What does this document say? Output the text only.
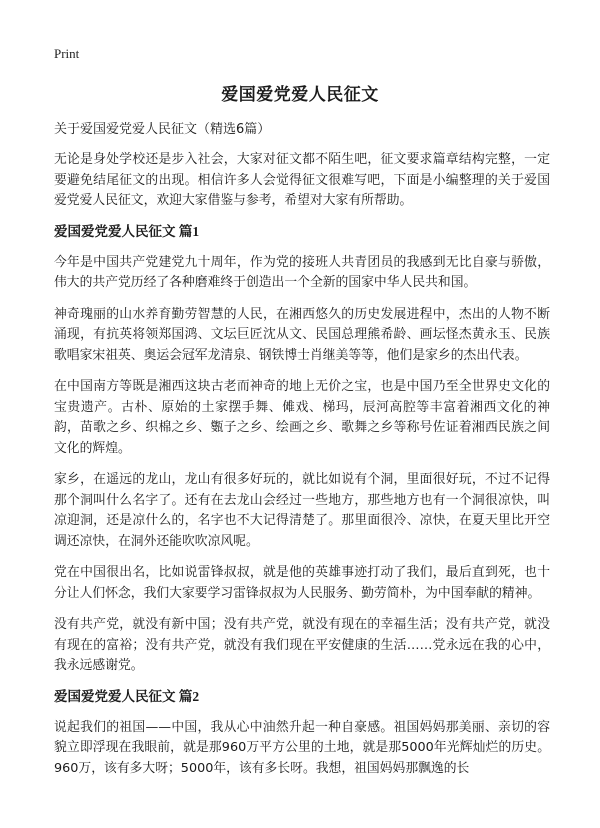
Print
爱国爱党爱人民征文
关于爱国爱党爱人民征文（精选6篇）

无论是身处学校还是步入社会，大家对征文都不陌生吧，征文要求篇章结构完整，一定要避免结尾征文的出现。相信许多人会觉得征文很难写吧，下面是小编整理的关于爱国爱党爱人民征文，欢迎大家借鉴与参考，希望对大家有所帮助。

爱国爱党爱人民征文 篇1

今年是中国共产党建党九十周年，作为党的接班人共青团员的我感到无比自豪与骄傲，伟大的共产党历经了各种磨难终于创造出一个全新的国家中华人民共和国。

神奇瑰丽的山水养育勤劳智慧的人民，在湘西悠久的历史发展进程中，杰出的人物不断涌现，有抗英将领郑国鸿、文坛巨匠沈从文、民国总理熊希龄、画坛怪杰黄永玉、民族歌唱家宋祖英、奥运会冠军龙清泉、钢铁博士肖继美等等，他们是家乡的杰出代表。

在中国南方等既是湘西这块古老而神奇的地上无价之宝，也是中国乃至全世界史文化的宝贵遗产。古朴、原始的土家摆手舞、傩戏、梯玛，辰河高腔等丰富着湘西文化的神韵，苗歌之乡、织棉之乡、㽊子之乡、绘画之乡、歌舞之乡等称号佐证着湘西民族之间文化的辉煌。

家乡，在遥远的龙山，龙山有很多好玩的，就比如说有个洞，里面很好玩，不过不记得那个洞叫什么名字了。还有在去龙山会经过一些地方，那些地方也有一个洞很凉快，叫凉迎洞，还是凉什么的，名字也不大记得清楚了。那里面很冷、凉快，在夏天里比开空调还凉快，在洞外还能吹吹凉风呢。

党在中国很出名，比如说雷锋叔叔，就是他的英雄事迹打动了我们，最后直到死，也十分让人们怀念，我们大家要学习雷锋叔叔为人民服务、勤劳简朴，为中国奉献的精神。

没有共产党，就没有新中国；没有共产党，就没有现在的幸福生活；没有共产党，就没有现在的富裕；没有共产党，就没有我们现在平安健康的生活……党永远在我的心中，我永远感谢党。

爱国爱党爱人民征文 篇2

说起我们的祖国——中国，我从心中油然升起一种自豪感。祖国妈妈那美丽、亲切的容貌立即浮现在我眼前，就是那960万平方公里的土地，就是那5000年光辉灿烂的历史。960万，该有多大呀；5000年，该有多长呀。我想，祖国妈妈那飘逸的长
